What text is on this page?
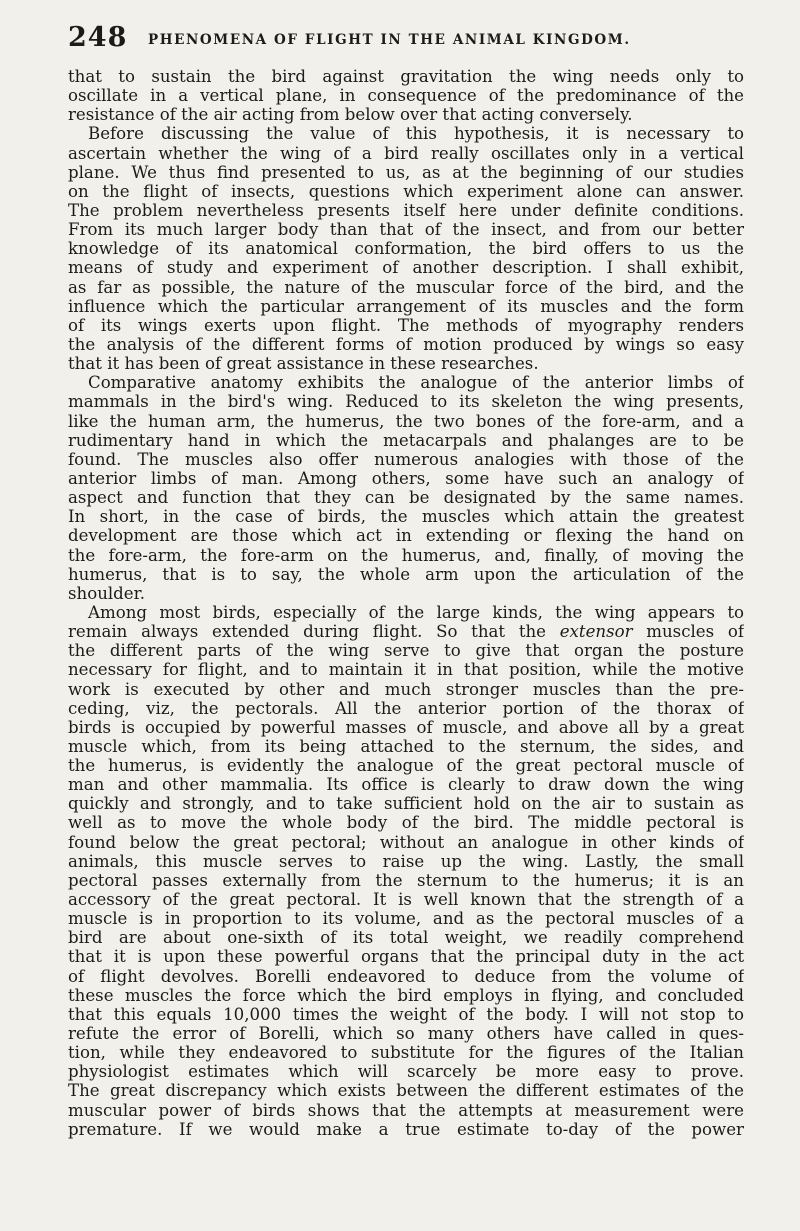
248 PHENOMENA OF FLIGHT IN THE ANIMAL KINGDOM.
that to sustain the bird against gravitation the wing needs only to
oscillate in a vertical plane, in consequence of the predominance of the
resistance of the air acting from below over that acting conversely.
Before discussing the value of this hypothesis, it is necessary to
ascertain whether the wing of a bird really oscillates only in a vertical
plane. We thus find presented to us, as at the beginning of our studies
on the flight of insects, questions which experiment alone can answer.
The problem nevertheless presents itself here under definite conditions.
From its much larger body than that of the insect, and from our better
knowledge of its anatomical conformation, the bird offers to us the
means of study and experiment of another description. I shall exhibit,
as far as possible, the nature of the muscular force of the bird, and the
influence which the particular arrangement of its muscles and the form
of its wings exerts upon flight. The methods of myography renders
the analysis of the different forms of motion produced by wings so easy
that it has been of great assistance in these researches.
Comparative anatomy exhibits the analogue of the anterior limbs of
mammals in the bird's wing. Reduced to its skeleton the wing presents,
like the human arm, the humerus, the two bones of the fore-arm, and a
rudimentary hand in which the metacarpals and phalanges are to be
found. The muscles also offer numerous analogies with those of the
anterior limbs of man. Among others, some have such an analogy of
aspect and function that they can be designated by the same names.
In short, in the case of birds, the muscles which attain the greatest
development are those which act in extending or flexing the hand on
the fore-arm, the fore-arm on the humerus, and, finally, of moving the
humerus, that is to say, the whole arm upon the articulation of the
shoulder.
Among most birds, especially of the large kinds, the wing appears to
remain always extended during flight. So that the extensor muscles of
the different parts of the wing serve to give that organ the posture
necessary for flight, and to maintain it in that position, while the motive
work is executed by other and much stronger muscles than the pre-
ceding, viz, the pectorals. All the anterior portion of the thorax of
birds is occupied by powerful masses of muscle, and above all by a great
muscle which, from its being attached to the sternum, the sides, and
the humerus, is evidently the analogue of the great pectoral muscle of
man and other mammalia. Its office is clearly to draw down the wing
quickly and strongly, and to take sufficient hold on the air to sustain as
well as to move the whole body of the bird. The middle pectoral is
found below the great pectoral; without an analogue in other kinds of
animals, this muscle serves to raise up the wing. Lastly, the small
pectoral passes externally from the sternum to the humerus; it is an
accessory of the great pectoral. It is well known that the strength of a
muscle is in proportion to its volume, and as the pectoral muscles of a
bird are about one-sixth of its total weight, we readily comprehend
that it is upon these powerful organs that the principal duty in the act
of flight devolves. Borelli endeavored to deduce from the volume of
these muscles the force which the bird employs in flying, and concluded
that this equals 10,000 times the weight of the body. I will not stop to
refute the error of Borelli, which so many others have called in ques-
tion, while they endeavored to substitute for the figures of the Italian
physiologist estimates which will scarcely be more easy to prove.
The great discrepancy which exists between the different estimates of the
muscular power of birds shows that the attempts at measurement were
premature. If we would make a true estimate to-day of the power
